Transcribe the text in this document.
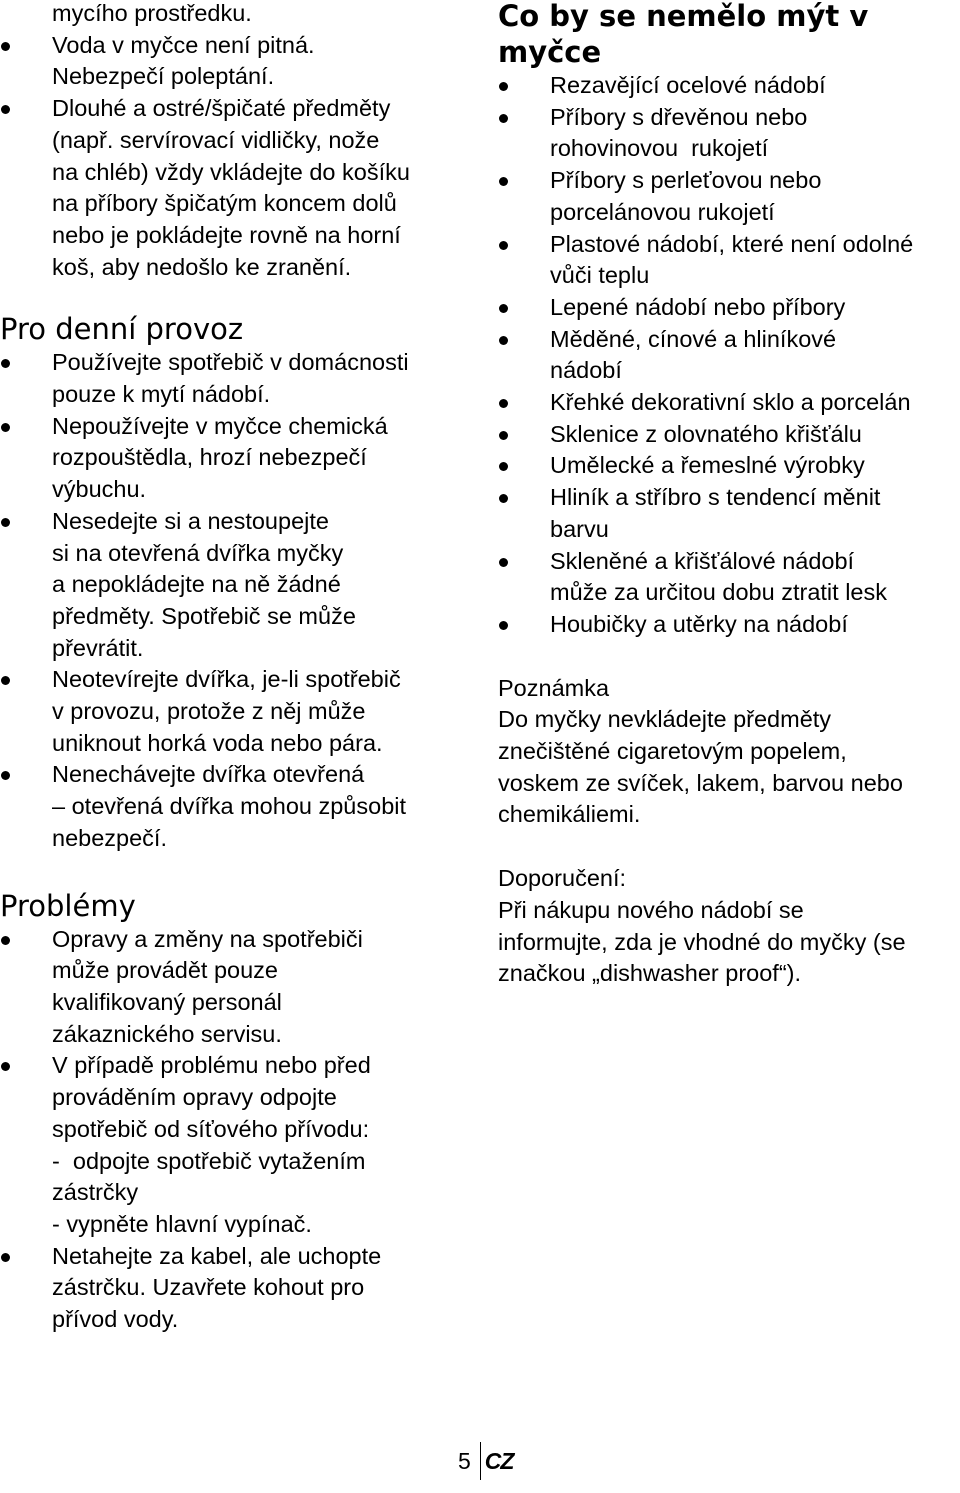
mycího prostředku.

Voda v myčce není pitná.
Nebezpečí poleptání.
Dlouhé a ostré/špičaté předměty
(např. servírovací vidličky, nože
na chléb) vždy vkládejte do košíku
na příbory špičatým koncem dolů
nebo je pokládejte rovně na horní
koš, aby nedošlo ke zranění.
Pro denní provoz
Používejte spotřebič v domácnosti
pouze k mytí nádobí.
Nepoužívejte v myčce chemická
rozpouštědla, hrozí nebezpečí
výbuchu.
Nesedejte si a nestoupejte
si na otevřená dvířka myčky
a nepokládejte na ně žádné
předměty. Spotřebič se může
převrátit.
Neotevírejte dvířka, je-li spotřebič
v provozu, protože z něj může
uniknout horká voda nebo pára.
Nenechávejte dvířka otevřená
– otevřená dvířka mohou způsobit
nebezpečí.
Problémy
Opravy a změny na spotřebiči
může provádět pouze
kvalifikovaný personál
zákaznického servisu.
V případě problému nebo před
prováděním opravy odpojte
spotřebič od síťového přívodu:
-  odpojte spotřebič vytažením
zástrčky
- vypněte hlavní vypínač.
Netahejte za kabel, ale uchopte
zástrčku. Uzavřete kohout pro
přívod vody.
Co by se nemělo mýt v myčce
Rezavějící ocelové nádobí
Příbory s dřevěnou nebo
rohovinovou  rukojetí
Příbory s perleťovou nebo
porcelánovou rukojetí
Plastové nádobí, které není odolné
vůči teplu
Lepené nádobí nebo příbory
Měděné, cínové a hliníkové
nádobí
Křehké dekorativní sklo a porcelán
Sklenice z olovnatého křišťálu
Umělecké a řemeslné výrobky
Hliník a stříbro s tendencí měnit
barvu
Skleněné a křišťálové nádobí
může za určitou dobu ztratit lesk
Houbičky a utěrky na nádobí
Poznámka
Do myčky nevkládejte předměty
znečištěné cigaretovým popelem,
voskem ze svíček, lakem, barvou nebo
chemikáliemi.
Doporučení:
Při nákupu nového nádobí se
informujte, zda je vhodné do myčky (se
značkou „dishwasher proof“).
5 CZ
